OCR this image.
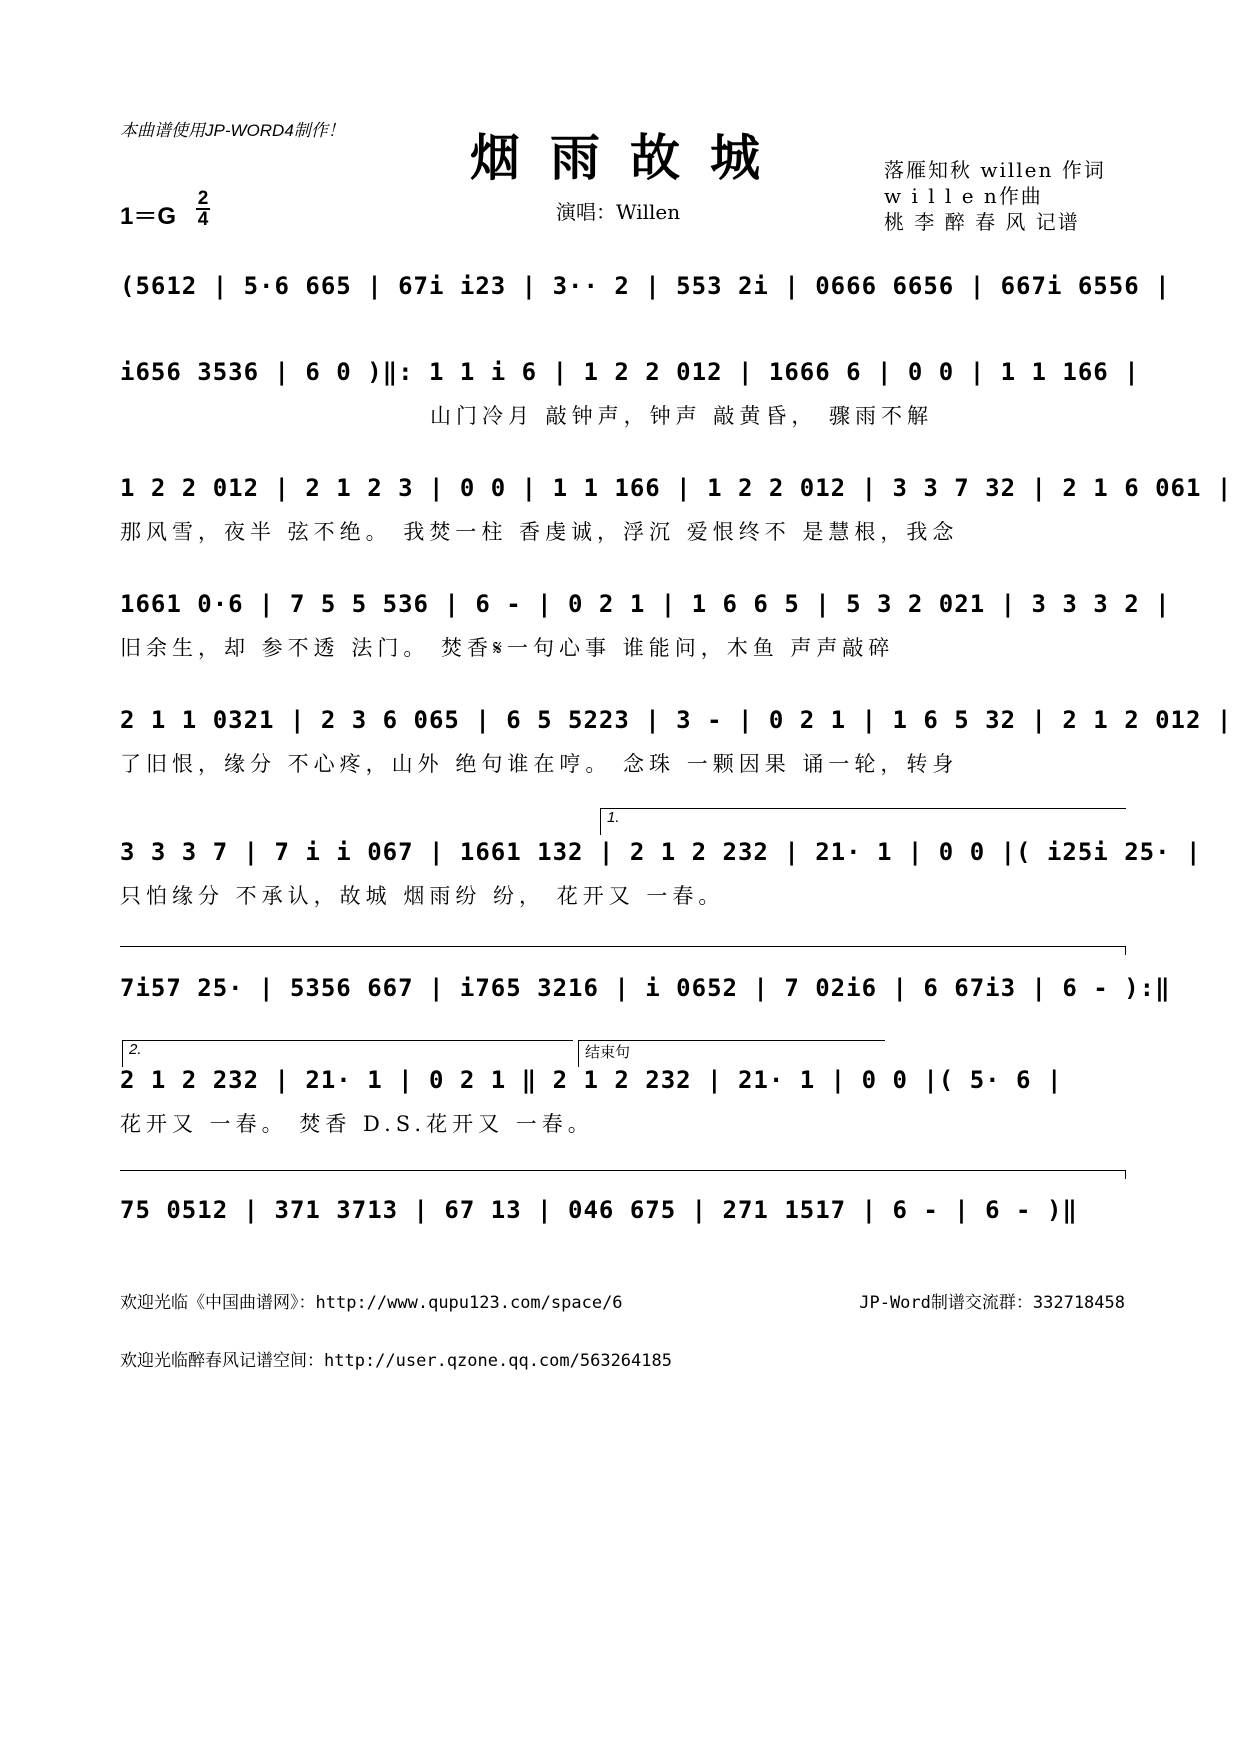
本曲谱使用JP-WORD4制作！	烟雨故城
演唱：Willen
落雁知秋 willen 作词
w i l l e n作曲
桃 李 醉 春 风 记谱
1＝G
2
4
(5612 | 5·6 665 | 67i i23 | 3·· 2 | 553 2i | 0666 6656 | 667i 6556 |
i656 3536 | 6 0 )‖: 1 1 i 6 | 1 2 2 012 | 1666 6 | 0 0 | 1 1 166 |
山门冷月 敲钟声，钟声 敲黄昏， 骤雨不解
1 2 2 012 | 2 1 2 3 | 0 0 | 1 1 166 | 1 2 2 012 | 3 3 7 32 | 2 1 6 061 |
那风雪，夜半 弦不绝。 我焚一柱 香虔诚，浮沉 爱恨终不 是慧根，我念
1661 0·6 | 7 5 5 536 | 6 - | 0 2 1 | 1 6 6 5 | 5 3 2 021 | 3 3 3 2 |
旧余生，却 参不透 法门。 焚香𝄋一句心事 谁能问，木鱼 声声敲碎
2 1 1 0321 | 2 3 6 065 | 6 5 5223 | 3 - | 0 2 1 | 1 6 5 32 | 2 1 2 012 |
了旧恨，缘分 不心疼，山外 绝句谁在哼。 念珠 一颗因果 诵一轮，转身
1.
3 3 3 7 | 7 i i 067 | 1661 132 | 2 1 2 232 | 21· 1 | 0 0 |( i25i 25· |
只怕缘分 不承认，故城 烟雨纷 纷， 花开又 一春。
7i57 25· | 5356 667 | i765 3216 | i 0652 | 7 02i6 | 6 67i3 | 6 - ):‖
2.	结束句
2 1 2 232 | 21· 1 | 0 2 1 ‖ 2 1 2 232 | 21· 1 | 0 0 |( 5· 6 |
花开又 一春。 焚香 D.S.花开又 一春。
75 0512 | 371 3713 | 67 13 | 046 675 | 271 1517 | 6 - | 6 - )‖
欢迎光临《中国曲谱网》：http://www.qupu123.com/space/6	JP-Word制谱交流群：332718458
欢迎光临醉春风记谱空间：http://user.qzone.qq.com/563264185
